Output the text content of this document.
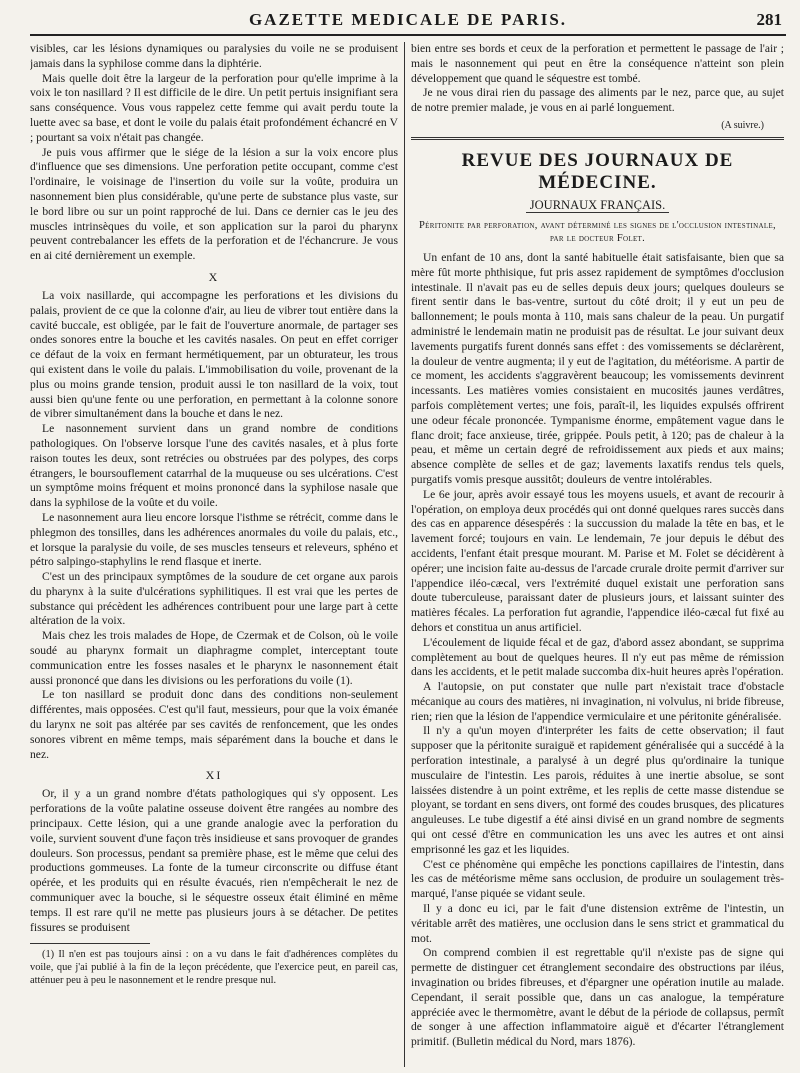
GAZETTE MEDICALE DE PARIS.	281

visibles, car les lésions dynamiques ou paralysies du voile ne se produisent jamais dans la syphilose comme dans la diphtérie.

Mais quelle doit être la largeur de la perforation pour qu'elle imprime à la voix le ton nasillard ? Il est difficile de le dire. Un petit pertuis insignifiant sera sans conséquence. Vous vous rappelez cette femme qui avait perdu toute la luette avec sa base, et dont le voile du palais était profondément échancré en V ; pourtant sa voix n'était pas changée.

Je puis vous affirmer que le siége de la lésion a sur la voix encore plus d'influence que ses dimensions. Une perforation petite occupant, comme c'est l'ordinaire, le voisinage de l'insertion du voile sur la voûte, produira un nasonnement bien plus considérable, qu'une perte de substance plus vaste, sur le bord libre ou sur un point rapproché de lui. Dans ce dernier cas le jeu des muscles intrinsèques du voile, et son application sur la paroi du pharynx peuvent contrebalancer les effets de la perforation et de l'échancrure. Je vous en ai cité dernièrement un exemple.

X

La voix nasillarde, qui accompagne les perforations et les divisions du palais, provient de ce que la colonne d'air, au lieu de vibrer tout entière dans la cavité buccale, est obligée, par le fait de l'ouverture anormale, de partager ses ondes sonores entre la bouche et les cavités nasales. On peut en effet corriger ce défaut de la voix en fermant hermétiquement, par un obturateur, les trous qui existent dans le voile du palais. L'immobilisation du voile, provenant de la plus ou moins grande tension, produit aussi le ton nasillard de la voix, tout aussi bien qu'une fente ou une perforation, en permettant à la colonne sonore de vibrer simultanément dans la bouche et dans le nez.

Le nasonnement survient dans un grand nombre de conditions pathologiques. On l'observe lorsque l'une des cavités nasales, et à plus forte raison toutes les deux, sont retrécies ou obstruées par des polypes, des corps étrangers, le boursouflement catarrhal de la muqueuse ou ses ulcérations. C'est un symptôme moins fréquent et moins prononcé dans la syphilose nasale que dans la syphilose de la voûte et du voile.

Le nasonnement aura lieu encore lorsque l'isthme se rétrécit, comme dans le phlegmon des tonsilles, dans les adhérences anormales du voile du palais, etc., et lorsque la paralysie du voile, de ses muscles tenseurs et releveurs, sphéno et pétro salpingo-staphylins le rend flasque et inerte.

C'est un des principaux symptômes de la soudure de cet organe aux parois du pharynx à la suite d'ulcérations syphilitiques. Il est vrai que les pertes de substance qui précèdent les adhérences contribuent pour une large part à cette altération de la voix.

Mais chez les trois malades de Hope, de Czermak et de Colson, où le voile soudé au pharynx formait un diaphragme complet, interceptant toute communication entre les fosses nasales et le pharynx le nasonnement était aussi prononcé que dans les divisions ou les perforations du voile (1).

Le ton nasillard se produit donc dans des conditions non-seulement différentes, mais opposées. C'est qu'il faut, messieurs, pour que la voix émanée du larynx ne soit pas altérée par ses cavités de renfoncement, que les ondes sonores vibrent en même temps, mais séparément dans la bouche et dans le nez.

XI

Or, il y a un grand nombre d'états pathologiques qui s'y opposent. Les perforations de la voûte palatine osseuse doivent être rangées au nombre des principaux. Cette lésion, qui a une grande analogie avec la perforation du voile, survient souvent d'une façon très insidieuse et sans provoquer de grandes douleurs. Son processus, pendant sa première phase, est le même que celui des productions gommeuses. La fonte de la tumeur circonscrite ou diffuse étant opérée, et les produits qui en résulte évacués, rien n'empêcherait le nez de communiquer avec la bouche, si le séquestre osseux était éliminé en même temps. Il est rare qu'il ne mette pas plusieurs jours à se détacher. De petites fissures se produisent

(1) Il n'en est pas toujours ainsi : on a vu dans le fait d'adhérences complètes du voile, que j'ai publié à la fin de la leçon précédente, que l'exercice peut, en pareil cas, atténuer peu à peu le nasonnement et le rendre presque nul.

bien entre ses bords et ceux de la perforation et permettent le passage de l'air ; mais le nasonnement qui peut en être la conséquence n'atteint son plein développement que quand le séquestre est tombé.

Je ne vous dirai rien du passage des aliments par le nez, parce que, au sujet de notre premier malade, je vous en ai parlé longuement.

(A suivre.)
REVUE DES JOURNAUX DE MÉDECINE.
JOURNAUX FRANÇAIS.
Péritonite par perforation, avant déterminé les signes de l'occlusion intestinale, par le docteur Folet.

Un enfant de 10 ans, dont la santé habituelle était satisfaisante, bien que sa mère fût morte phthisique, fut pris assez rapidement de symptômes d'occlusion intestinale. Il n'avait pas eu de selles depuis deux jours; quelques douleurs se firent sentir dans le bas-ventre, surtout du côté droit; il y eut un peu de ballonnement; le pouls monta à 110, mais sans chaleur de la peau. Un purgatif administré le lendemain matin ne produisit pas de résultat. Le jour suivant deux lavements purgatifs furent donnés sans effet : des vomissements se déclarèrent, la douleur de ventre augmenta; il y eut de l'agitation, du météorisme. A partir de ce moment, les accidents s'aggravèrent beaucoup; les vomissements devinrent incessants. Les matières vomies consistaient en mucosités jaunes verdâtres, parfois complètement vertes; une fois, paraît-il, les liquides expulsés offrirent une odeur fécale prononcée. Tympanisme énorme, empâtement vague dans le flanc droit; face anxieuse, tirée, grippée. Pouls petit, à 120; pas de chaleur à la peau, et même un certain degré de refroidissement aux pieds et aux mains; absence complète de selles et de gaz; lavements laxatifs rendus tels quels, purgatifs vomis presque aussitôt; douleurs de ventre intolérables.

Le 6e jour, après avoir essayé tous les moyens usuels, et avant de recourir à l'opération, on employa deux procédés qui ont donné quelques rares succès dans des cas en apparence désespérés : la succussion du malade la tête en bas, et le lavement forcé; toujours en vain. Le lendemain, 7e jour depuis le début des accidents, l'enfant était presque mourant. M. Parise et M. Folet se décidèrent à opérer; une incision faite au-dessus de l'arcade crurale droite permit d'arriver sur l'appendice iléo-cæcal, vers l'extrémité duquel existait une perforation sans doute tuberculeuse, paraissant dater de plusieurs jours, et laissant suinter des matières fécales. La perforation fut agrandie, l'appendice iléo-cæcal fut fixé au dehors et constitua un anus artificiel.

L'écoulement de liquide fécal et de gaz, d'abord assez abondant, se supprima complètement au bout de quelques heures. Il n'y eut pas même de rémission dans les accidents, et le petit malade succomba dix-huit heures après l'opération.

A l'autopsie, on put constater que nulle part n'existait trace d'obstacle mécanique au cours des matières, ni invagination, ni volvulus, ni bride fibreuse, rien; rien que la lésion de l'appendice vermiculaire et une péritonite généralisée.

Il n'y a qu'un moyen d'interpréter les faits de cette observation; il faut supposer que la péritonite suraiguë et rapidement généralisée qui a succédé à la perforation intestinale, a paralysé à un degré plus qu'ordinaire la tunique musculaire de l'intestin. Les parois, réduites à une inertie absolue, se sont laissées distendre à un point extrême, et les replis de cette masse distendue se ployant, se tordant en sens divers, ont formé des coudes brusques, des plicatures anguleuses. Le tube digestif a été ainsi divisé en un grand nombre de segments qui ont cessé d'être en communication les uns avec les autres et ont ainsi emprisonné les gaz et les liquides.

C'est ce phénomène qui empêche les ponctions capillaires de l'intestin, dans les cas de météorisme même sans occlusion, de produire un soulagement très-marqué, l'anse piquée se vidant seule.

Il y a donc eu ici, par le fait d'une distension extrême de l'intestin, un véritable arrêt des matières, une occlusion dans le sens strict et grammatical du mot.

On comprend combien il est regrettable qu'il n'existe pas de signe qui permette de distinguer cet étranglement secondaire des obstructions par iléus, invagination ou brides fibreuses, et d'épargner une opération inutile au malade. Cependant, il serait possible que, dans un cas analogue, la température appréciée avec le thermomètre, avant le début de la période de collapsus, permît de songer à une affection inflammatoire aiguë et d'écarter l'étranglement primitif. (Bulletin médical du Nord, mars 1876).
